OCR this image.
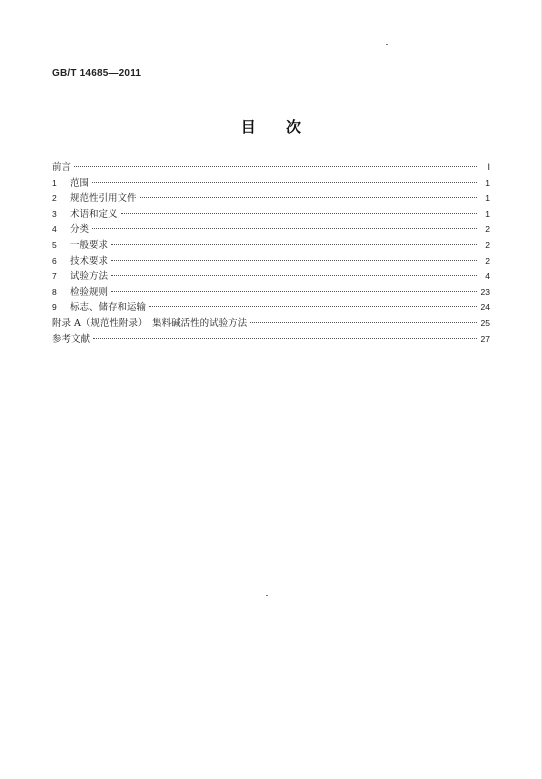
GB/T 14685—2011
目 次
前言	Ⅰ
1 范围	1
2 规范性引用文件	1
3 术语和定义	1
4 分类	2
5 一般要求	2
6 技术要求	2
7 试验方法	4
8 检验规则	23
9 标志、储存和运输	24
附录 A（规范性附录）　集料碱活性的试验方法	25
参考文献	27
